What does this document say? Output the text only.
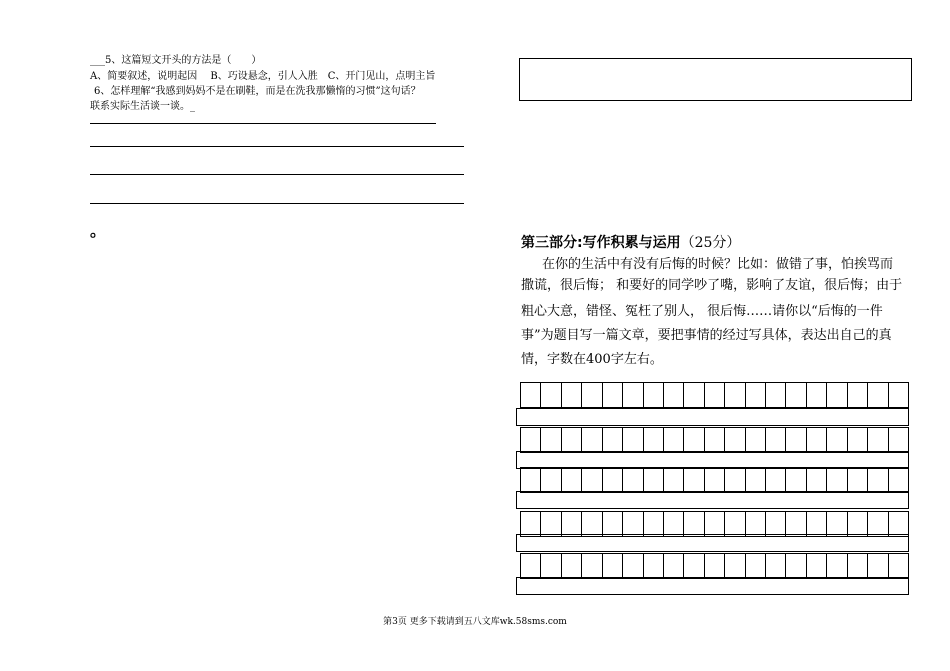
___5、这篇短文开头的方法是（　　）
A、简要叙述，说明起因　 B、巧设悬念，引人入胜　C、开门见山，点明主旨
6、怎样理解“我感到妈妈不是在刷鞋，而是在洗我那懒惰的习惯”这句话？
联系实际生活谈一谈。_
。
第三部分:写作积累与运用（25分）
在你的生活中有没有后悔的时候？比如：做错了事，怕挨骂而
撒谎，很后悔； 和要好的同学吵了嘴，影响了友谊，很后悔；由于
粗心大意，错怪、冤枉了别人， 很后悔……请你以“后悔的一件
事”为题目写一篇文章，要把事情的经过写具体，表达出自己的真
情，字数在400字左右。
第3页 更多下载请到五八文库wk.58sms.com
